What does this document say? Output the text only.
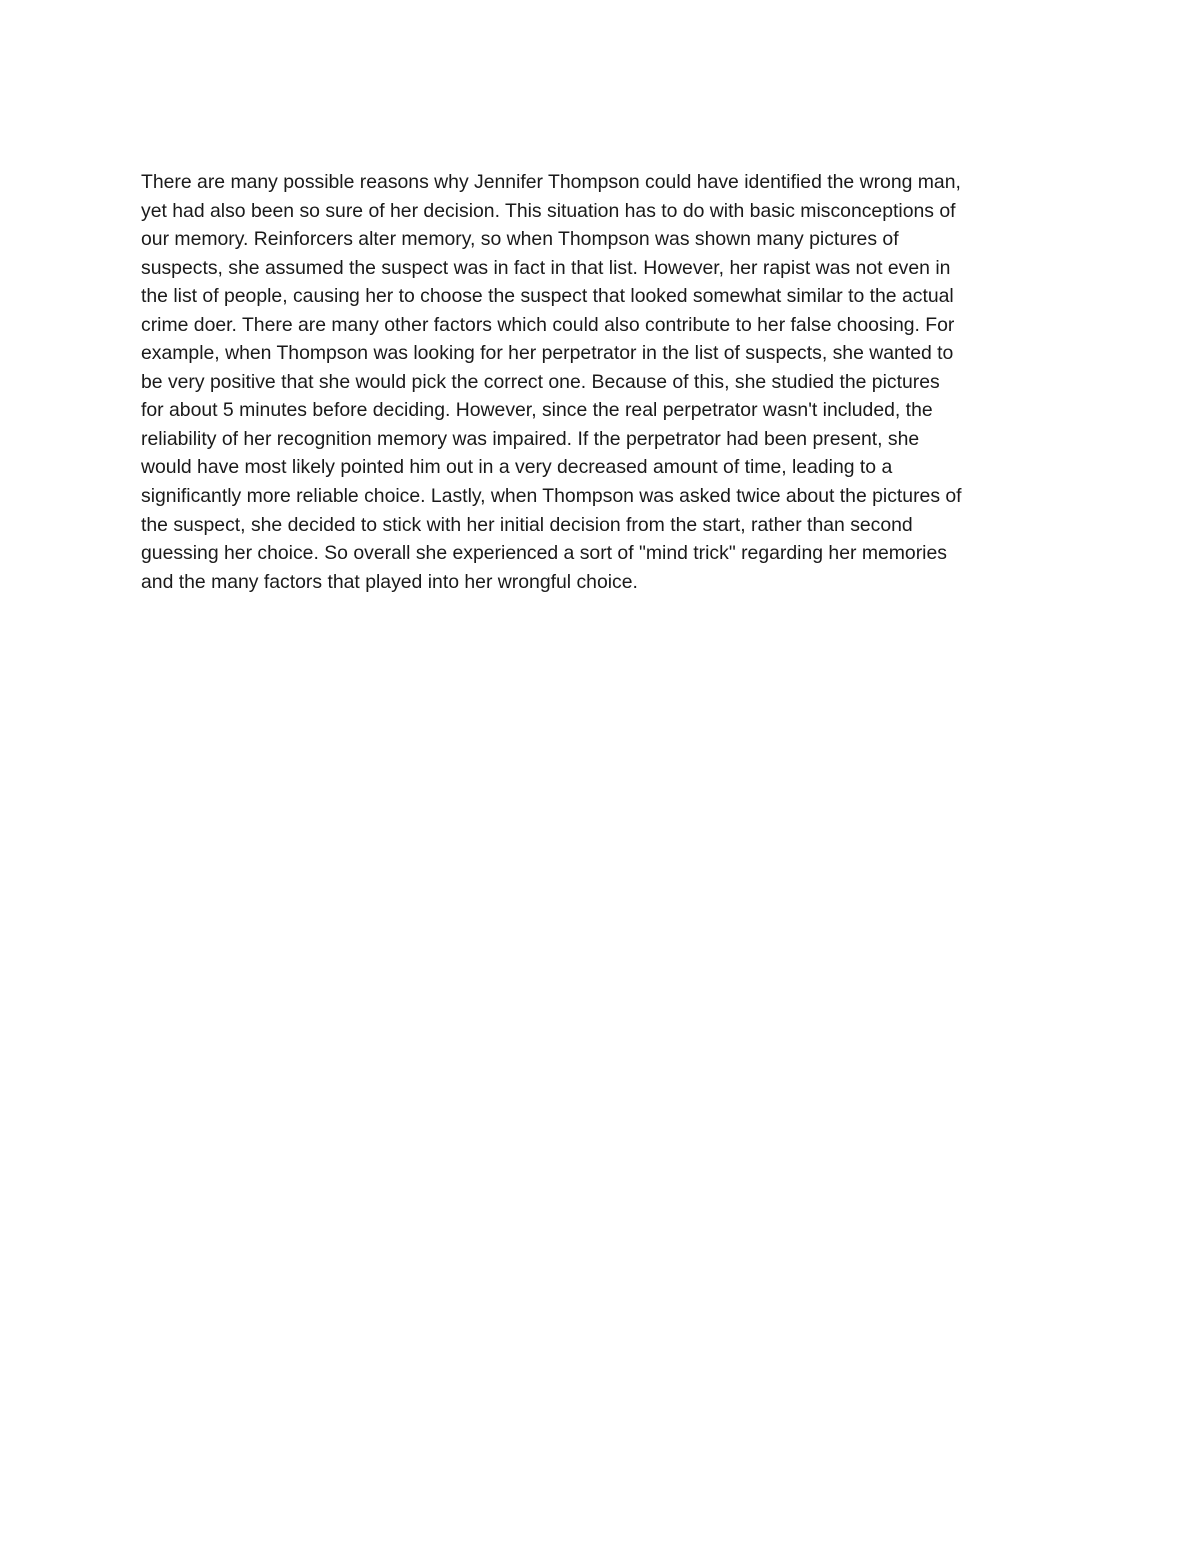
There are many possible reasons why Jennifer Thompson could have identified the wrong man,
yet had also been so sure of her decision. This situation has to do with basic misconceptions of
our memory. Reinforcers alter memory, so when Thompson was shown many pictures of
suspects, she assumed the suspect was in fact in that list. However, her rapist was not even in
the list of people, causing her to choose the suspect that looked somewhat similar to the actual
crime doer. There are many other factors which could also contribute to her false choosing. For
example, when Thompson was looking for her perpetrator in the list of suspects, she wanted to
be very positive that she would pick the correct one. Because of this, she studied the pictures
for about 5 minutes before deciding. However, since the real perpetrator wasn't included, the
reliability of her recognition memory was impaired. If the perpetrator had been present, she
would have most likely pointed him out in a very decreased amount of time, leading to a
significantly more reliable choice. Lastly, when Thompson was asked twice about the pictures of
the suspect, she decided to stick with her initial decision from the start, rather than second
guessing her choice. So overall she experienced a sort of "mind trick" regarding her memories
and the many factors that played into her wrongful choice.
